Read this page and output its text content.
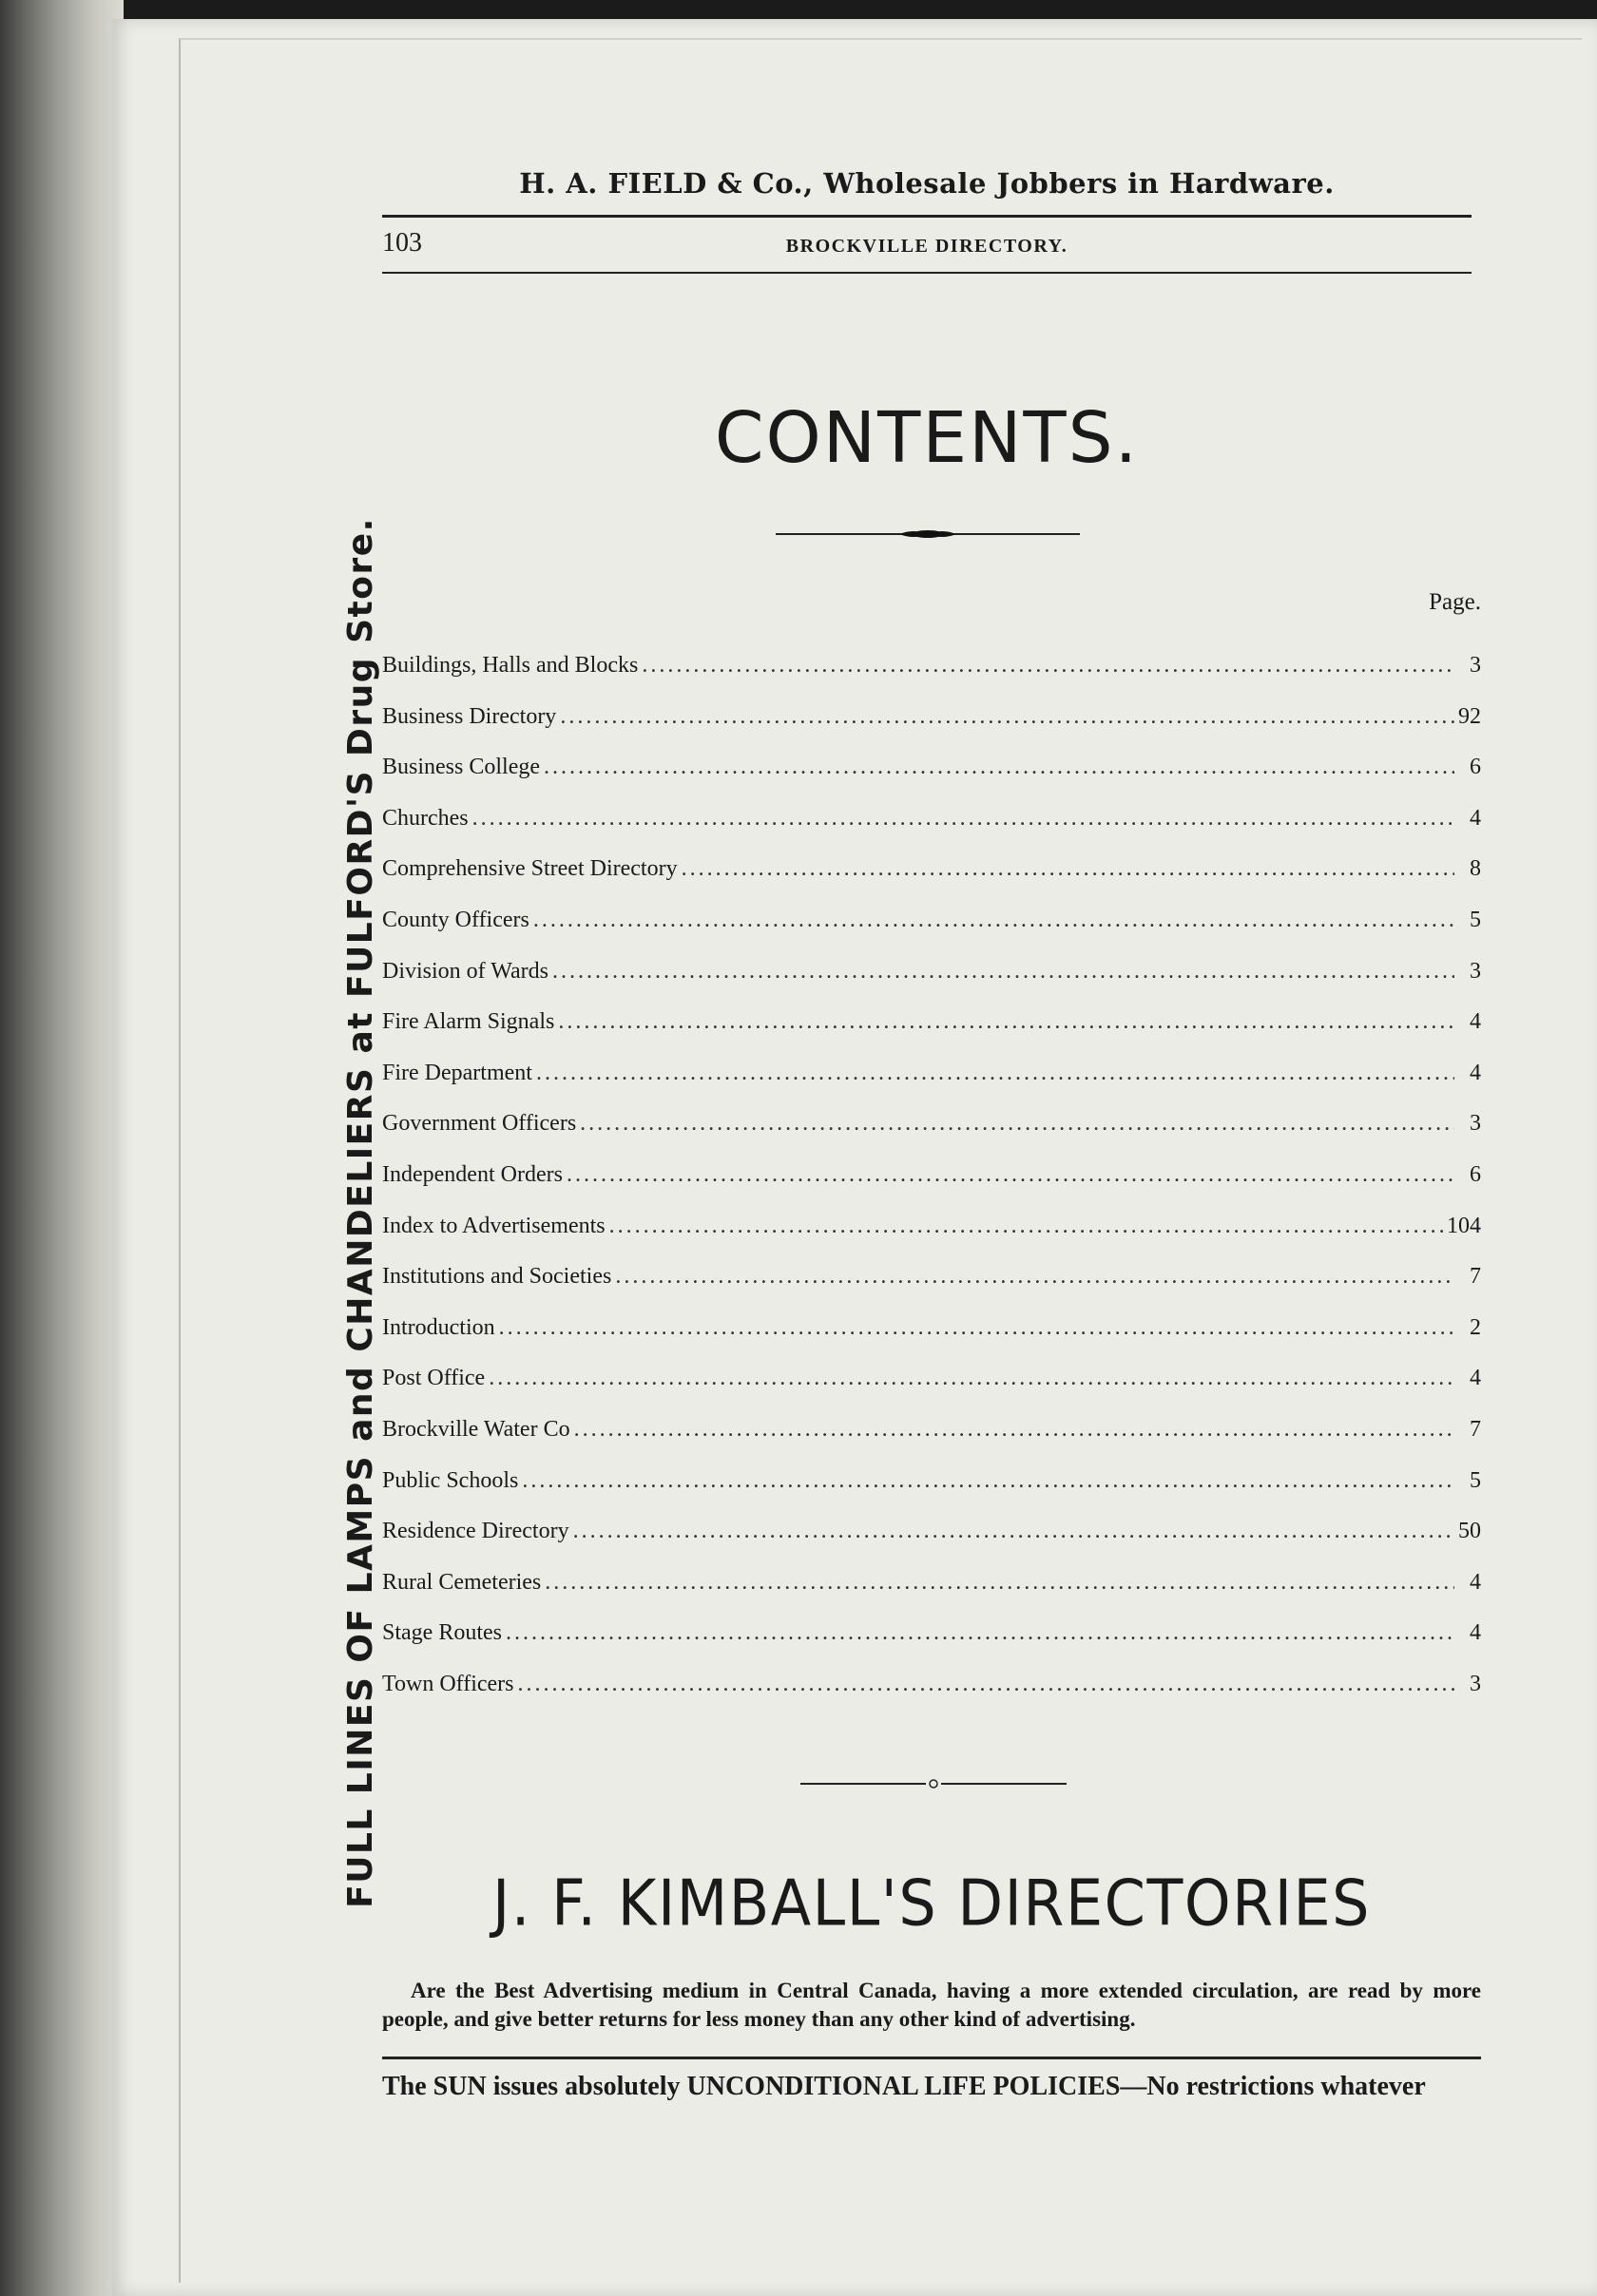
H. A. FIELD & Co., Wholesale Jobbers in Hardware.
103	BROCKVILLE DIRECTORY.
FULL LINES OF LAMPS and CHANDELIERS at FULFORD'S Drug Store.
CONTENTS.
Page.
Buildings, Halls and Blocks .....	3
Business Directory .....	92
Business College .....	6
Churches .....	4
Comprehensive Street Directory .....	8
County Officers .....	5
Division of Wards .....	3
Fire Alarm Signals .....	4
Fire Department .....	4
Government Officers .....	3
Independent Orders .....	6
Index to Advertisements .....	104
Institutions and Societies .....	7
Introduction .....	2
Post Office .....	4
Brockville Water Co .....	7
Public Schools .....	5
Residence Directory .....	50
Rural Cemeteries .....	4
Stage Routes .....	4
Town Officers .....	3
J. F. KIMBALL'S DIRECTORIES
Are the Best Advertising medium in Central Canada, having a more extended circulation, are read by more people, and give better returns for less money than any other kind of advertising.
The SUN issues absolutely UNCONDITIONAL LIFE POLICIES—No restrictions whatever
